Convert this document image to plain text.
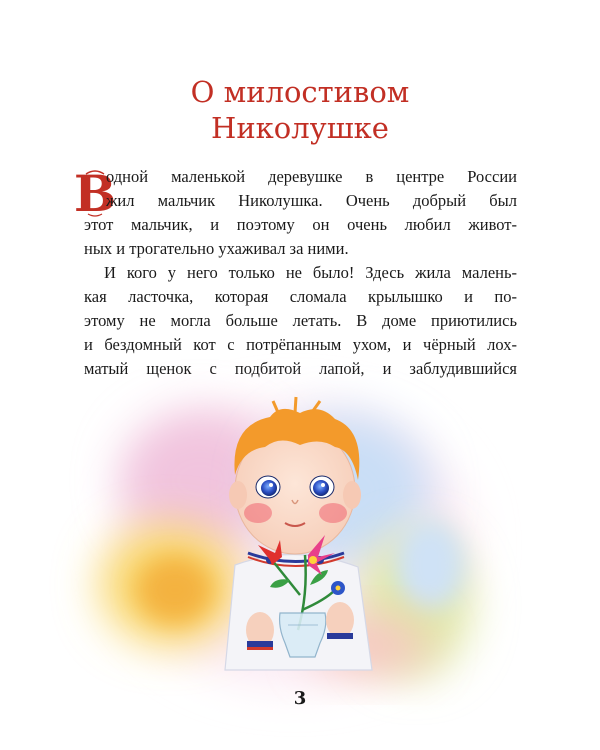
О милостивом
Николушке
В
одной маленькой деревушке в центре России
жил мальчик Николушка. Очень добрый был
этот мальчик, и поэтому он очень любил живот-
ных и трогательно ухаживал за ними.
И кого у него только не было! Здесь жила малень-
кая ласточка, которая сломала крылышко и по-
этому не могла больше летать. В доме приютились
и бездомный кот с потрёпанным ухом, и чёрный лох-
матый щенок с подбитой лапой, и заблудившийся
3
